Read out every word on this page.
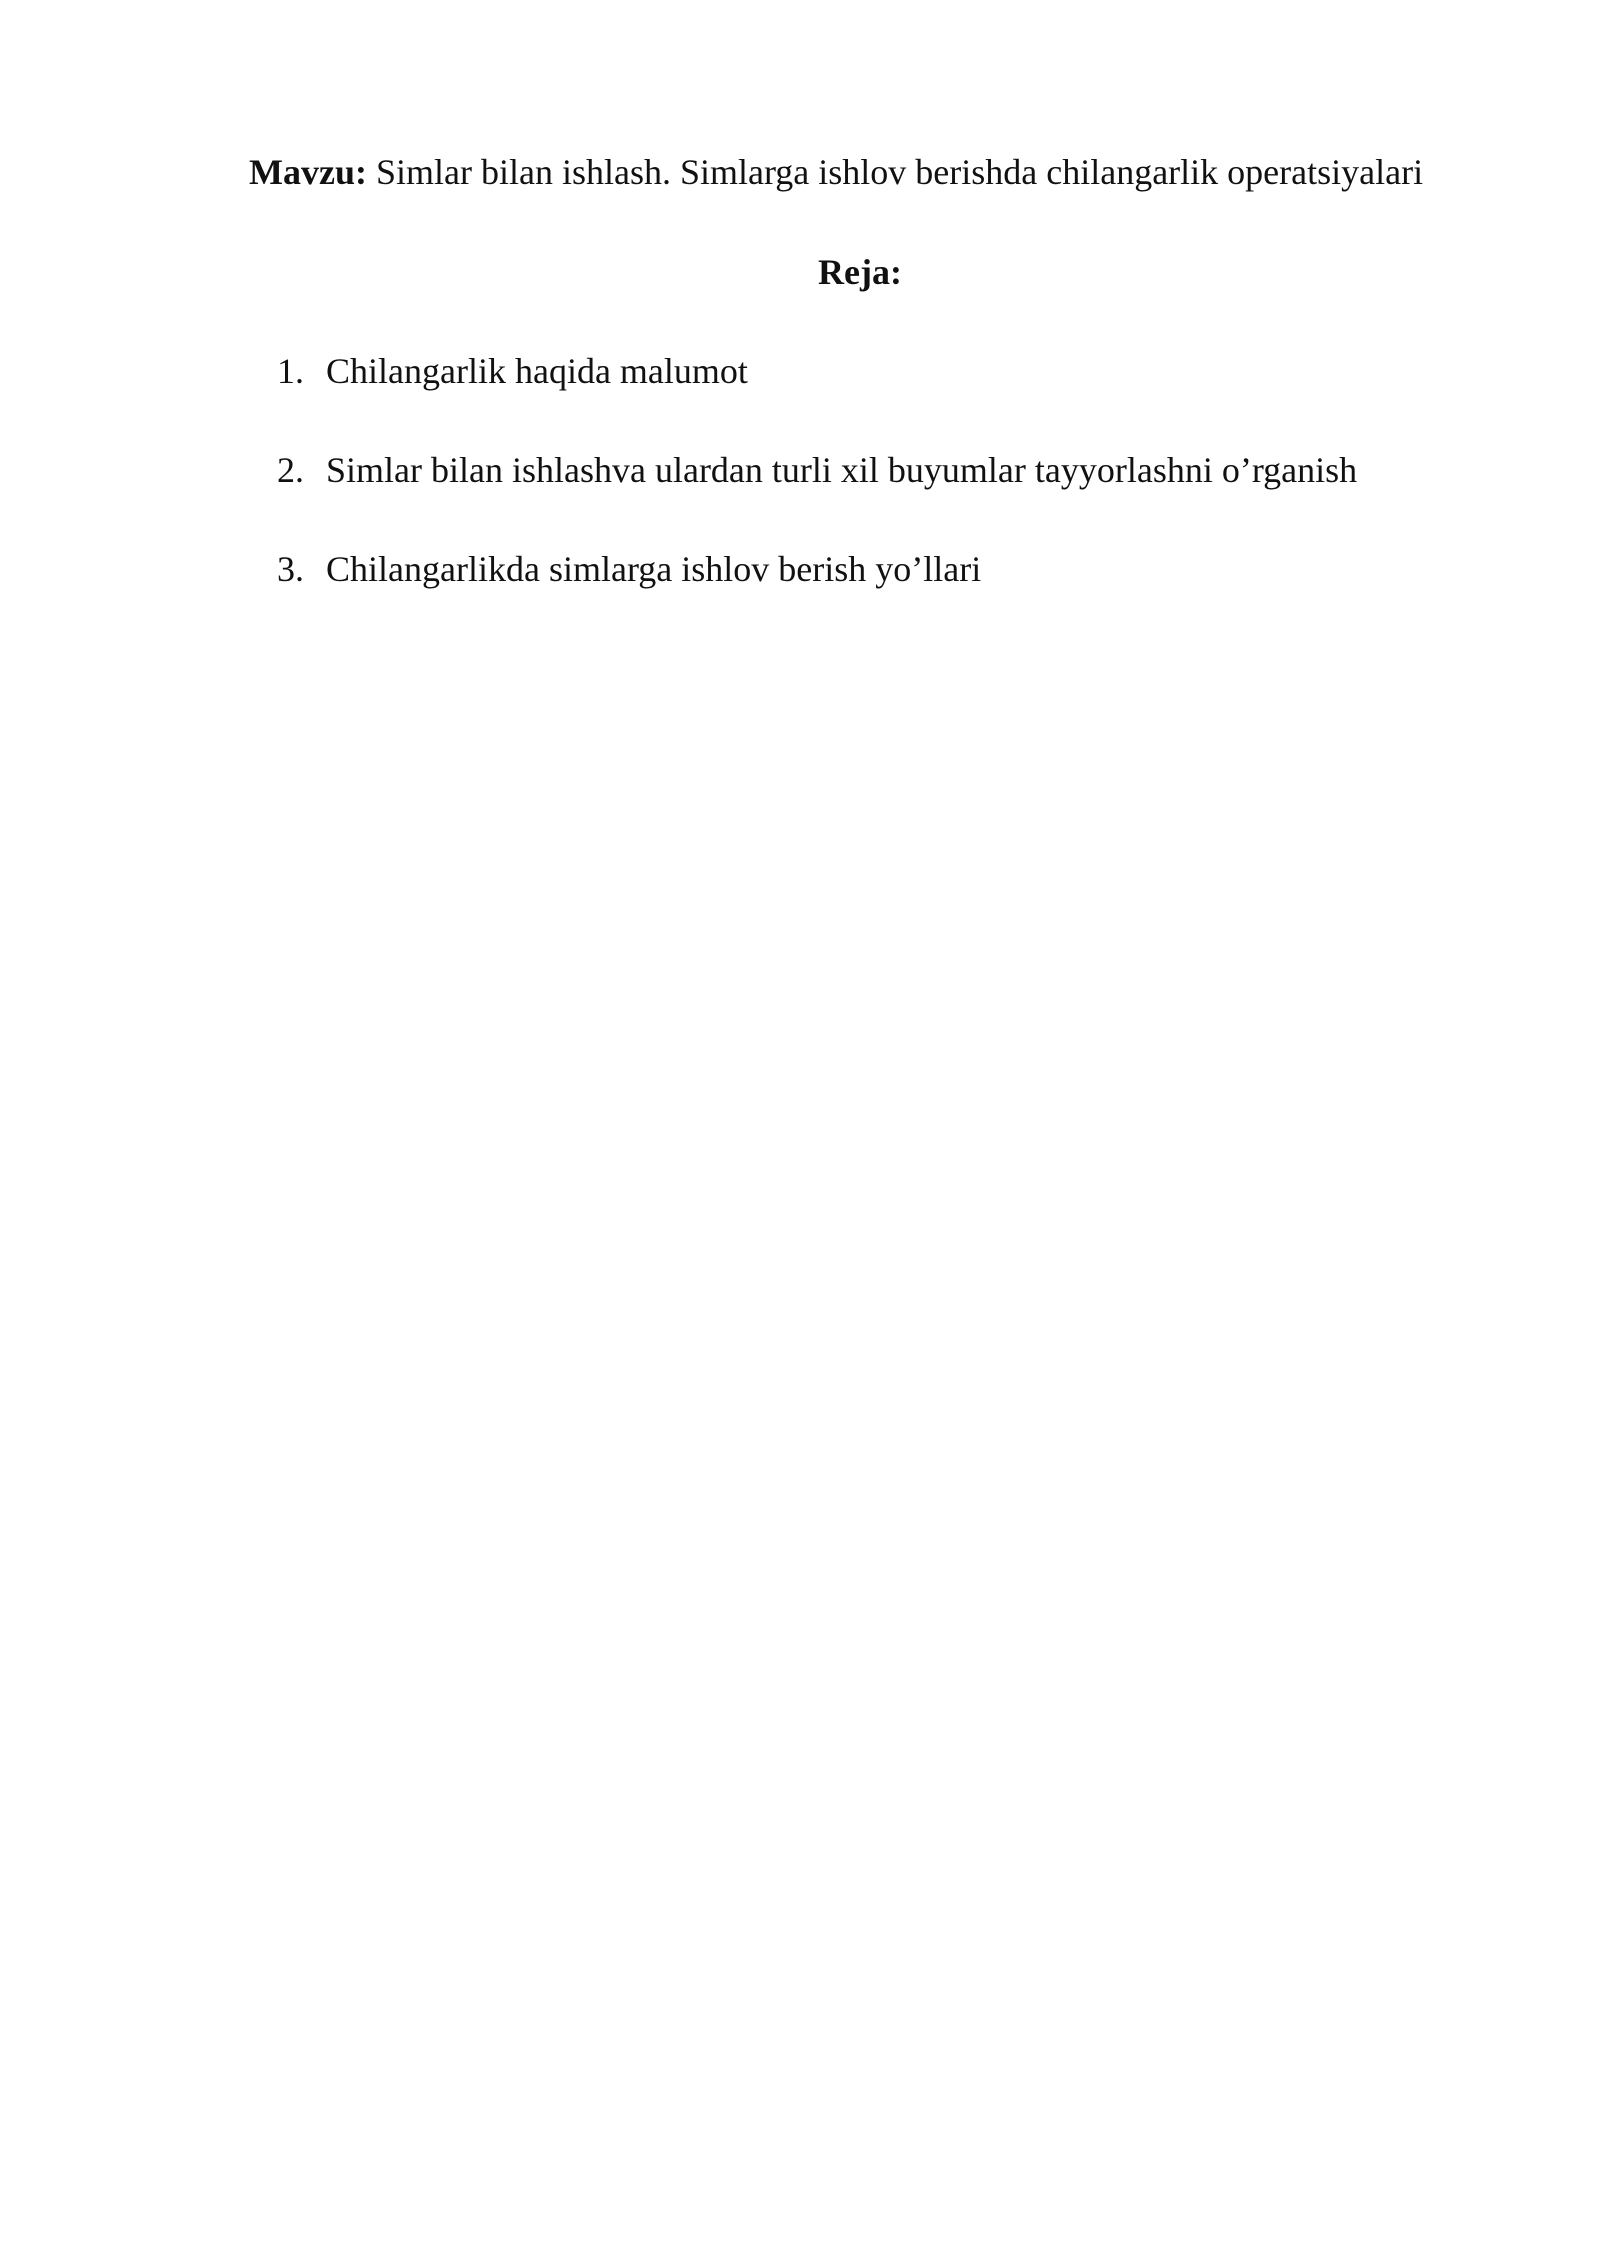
Mavzu: Simlar bilan ishlash. Simlarga ishlov berishda chilangarlik operatsiyalari
Reja:
1. Chilangarlik haqida malumot
2. Simlar bilan ishlashva ulardan turli xil buyumlar tayyorlashni o’rganish
3. Chilangarlikda simlarga ishlov berish yo’llari
